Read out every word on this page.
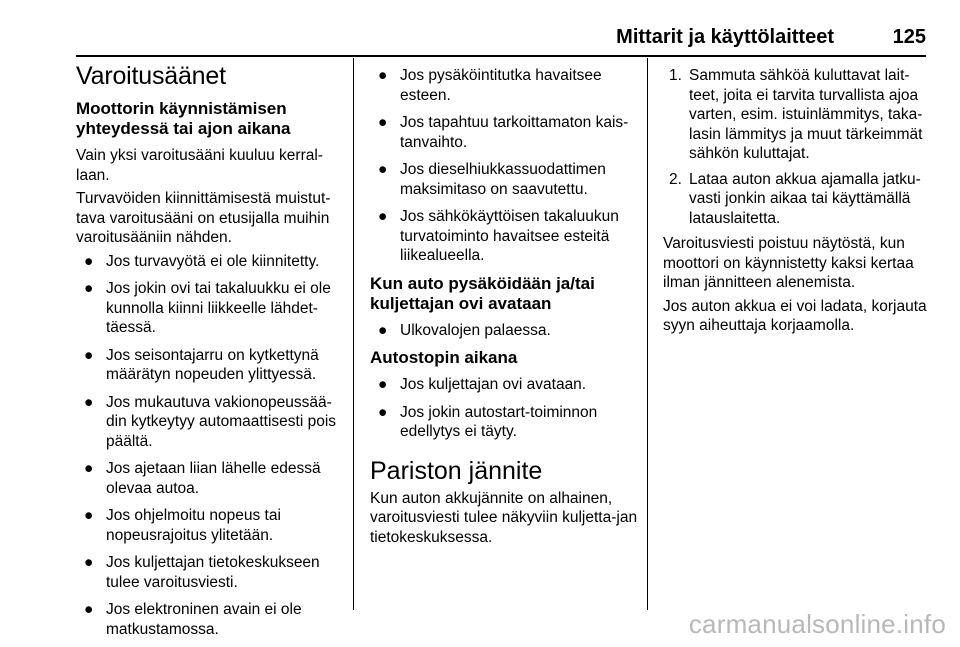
Mittarit ja käyttölaitteet	125
Varoitusäänet
Moottorin käynnistämisen yhteydessä tai ajon aikana

Vain yksi varoitusääni kuuluu kerral-laan.

Turvavöiden kiinnittämisestä muistut-tava varoitusääni on etusijalla muihin varoitusääniin nähden.

● Jos turvavyötä ei ole kiinnitetty.
● Jos jokin ovi tai takaluukku ei ole kunnolla kiinni liikkeelle lähdet-täessä.
● Jos seisontajarru on kytkettynä määrätyn nopeuden ylittyessä.
● Jos mukautuva vakionopeussää-din kytkeytyy automaattisesti pois päältä.
● Jos ajetaan liian lähelle edessä olevaa autoa.
● Jos ohjelmoitu nopeus tai nopeusrajoitus ylitetään.
● Jos kuljettajan tietokeskukseen tulee varoitusviesti.
● Jos elektroninen avain ei ole matkustamossa.
● Jos pysäköintitutka havaitsee esteen.
● Jos tapahtuu tarkoittamaton kais-tanvaihto.
● Jos dieselhiukkassuodattimen maksimitaso on saavutettu.
● Jos sähkökäyttöisen takaluukun turvatoiminto havaitsee esteitä liikealueella.
Kun auto pysäköidään ja/tai kuljettajan ovi avataan
● Ulkovalojen palaessa.
Autostopin aikana
● Jos kuljettajan ovi avataan.
● Jos jokin autostart-toiminnon edellytys ei täyty.
Pariston jännite

Kun auton akkujännite on alhainen, varoitusviesti tulee näkyviin kuljetta-jan tietokeskuksessa.

1. Sammuta sähköä kuluttavat lait-teet, joita ei tarvita turvallista ajoa varten, esim. istuinlämmitys, taka-lasin lämmitys ja muut tärkeimmät sähkön kuluttajat.
2. Lataa auton akkua ajamalla jatku-vasti jonkin aikaa tai käyttämällä latauslaitetta.

Varoitusviesti poistuu näytöstä, kun moottori on käynnistetty kaksi kertaa ilman jännitteen alenemista.

Jos auton akkua ei voi ladata, korjauta syyn aiheuttaja korjaamolla.

carmanualsonline.info
